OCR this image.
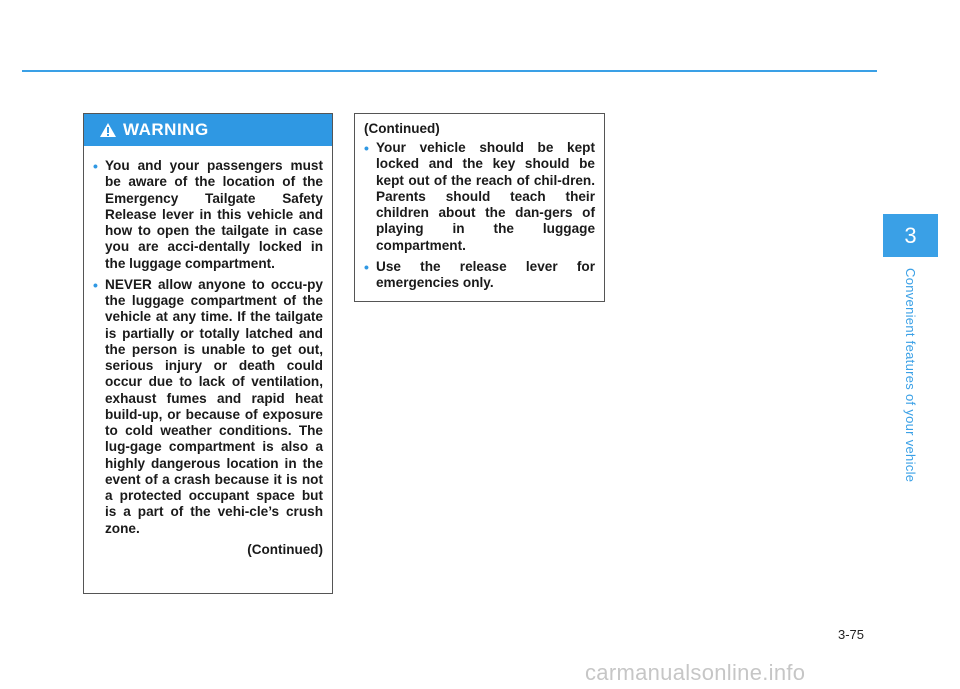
WARNING
• You and your passengers must be aware of the location of the Emergency Tailgate Safety Release lever in this vehicle and how to open the tailgate in case you are acci-dentally locked in the luggage compartment.
• NEVER allow anyone to occu-py the luggage compartment of the vehicle at any time. If the tailgate is partially or totally latched and the person is unable to get out, serious injury or death could occur due to lack of ventilation, exhaust fumes and rapid heat build-up, or because of exposure to cold weather conditions. The lug-gage compartment is also a highly dangerous location in the event of a crash because it is not a protected occupant space but is a part of the vehi-cle’s crush zone.
(Continued)
(Continued)
• Your vehicle should be kept locked and the key should be kept out of the reach of chil-dren. Parents should teach their children about the dan-gers of playing in the luggage compartment.
• Use the release lever for emergencies only.
3
Convenient features of your vehicle
3-75
carmanualsonline.info
